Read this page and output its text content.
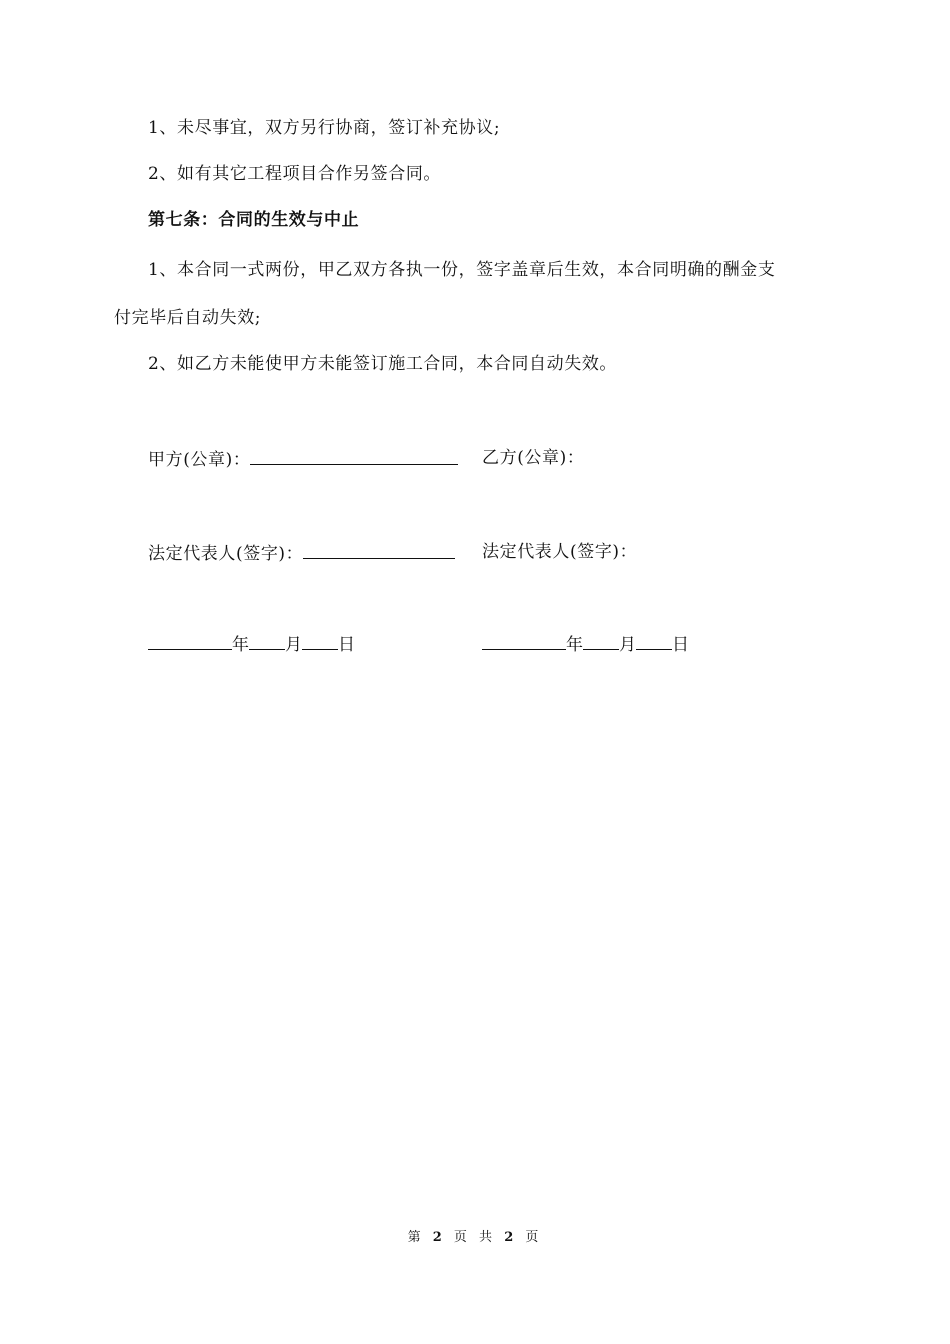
1、未尽事宜，双方另行协商，签订补充协议;
2、如有其它工程项目合作另签合同。
第七条：合同的生效与中止
1、本合同一式两份，甲乙双方各执一份，签字盖章后生效，本合同明确的酬金支
付完毕后自动失效;
2、如乙方未能使甲方未能签订施工合同，本合同自动失效。
甲方(公章)：	乙方(公章)：
法定代表人(签字)：	法定代表人(签字)：
年 月 日	年 月 日
第 2 页 共 2 页
